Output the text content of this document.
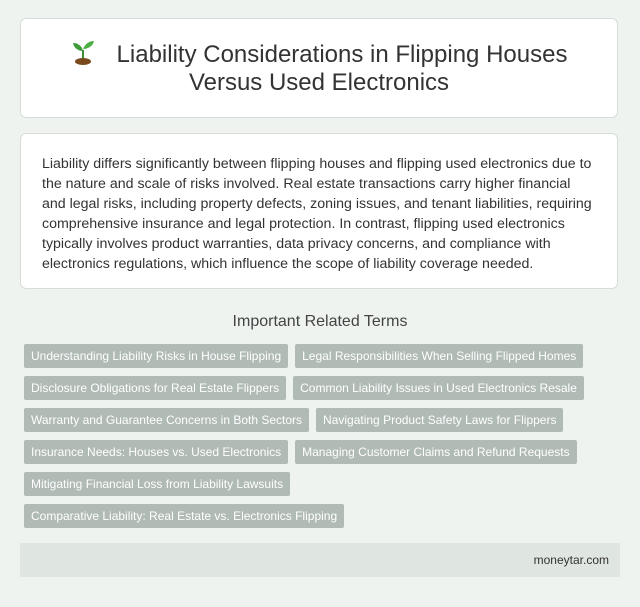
Liability Considerations in Flipping Houses
Versus Used Electronics

Liability differs significantly between flipping houses and flipping used electronics due to the nature and scale of risks involved. Real estate transactions carry higher financial and legal risks, including property defects, zoning issues, and tenant liabilities, requiring comprehensive insurance and legal protection. In contrast, flipping used electronics typically involves product warranties, data privacy concerns, and compliance with electronics regulations, which influence the scope of liability coverage needed.

Important Related Terms
Understanding Liability Risks in House Flipping	Legal Responsibilities When Selling Flipped Homes
Disclosure Obligations for Real Estate Flippers	Common Liability Issues in Used Electronics Resale
Warranty and Guarantee Concerns in Both Sectors	Navigating Product Safety Laws for Flippers
Insurance Needs: Houses vs. Used Electronics	Managing Customer Claims and Refund Requests
Mitigating Financial Loss from Liability Lawsuits
Comparative Liability: Real Estate vs. Electronics Flipping
moneytar.com
